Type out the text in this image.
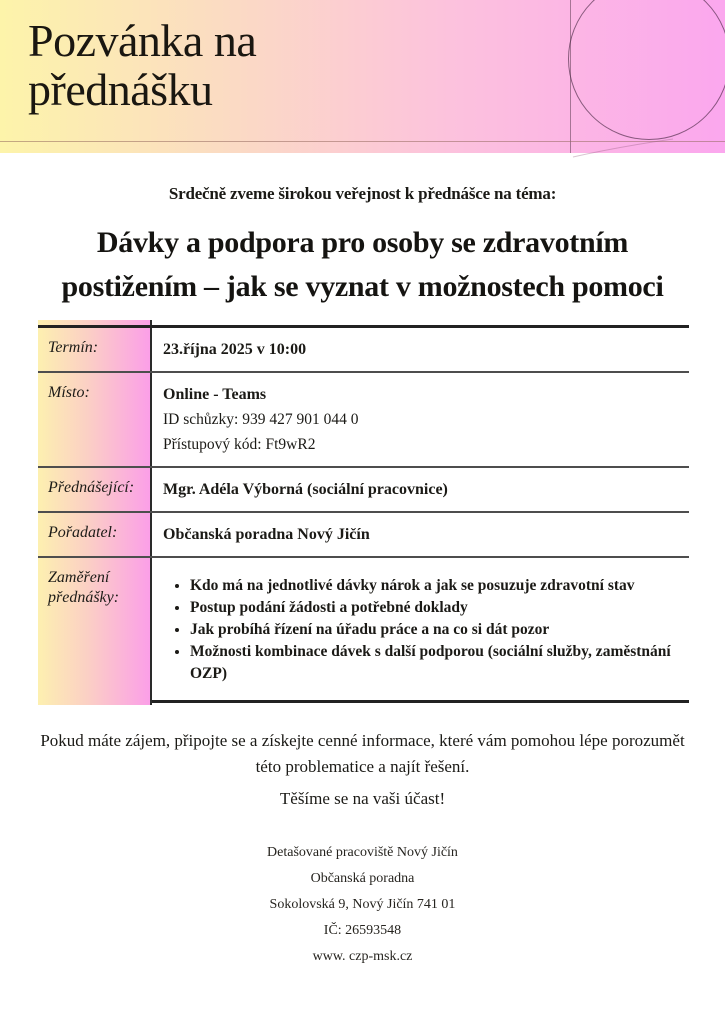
Pozvánka na
přednášku
Srdečně zveme širokou veřejnost k přednášce na téma:
Dávky a podpora pro osoby se zdravotním
postižením – jak se vyznat v možnostech pomoci
Termín:	23.října 2025 v 10:00
Místo:	Online - Teams
ID schůzky: 939 427 901 044 0
Přístupový kód: Ft9wR2
Přednášející:	Mgr. Adéla Výborná (sociální pracovnice)
Pořadatel:	Občanská poradna Nový Jičín
Zaměření
přednášky:
• Kdo má na jednotlivé dávky nárok a jak se posuzuje zdravotní stav
• Postup podání žádosti a potřebné doklady
• Jak probíhá řízení na úřadu práce a na co si dát pozor
• Možnosti kombinace dávek s další podporou (sociální služby, zaměstnání OZP)
Pokud máte zájem, připojte se a získejte cenné informace, které vám pomohou lépe porozumět této problematice a najít řešení.
Těšíme se na vaši účast!
Detašované pracoviště Nový Jičín
Občanská poradna
Sokolovská 9, Nový Jičín 741 01
IČ: 26593548
www. czp-msk.cz
